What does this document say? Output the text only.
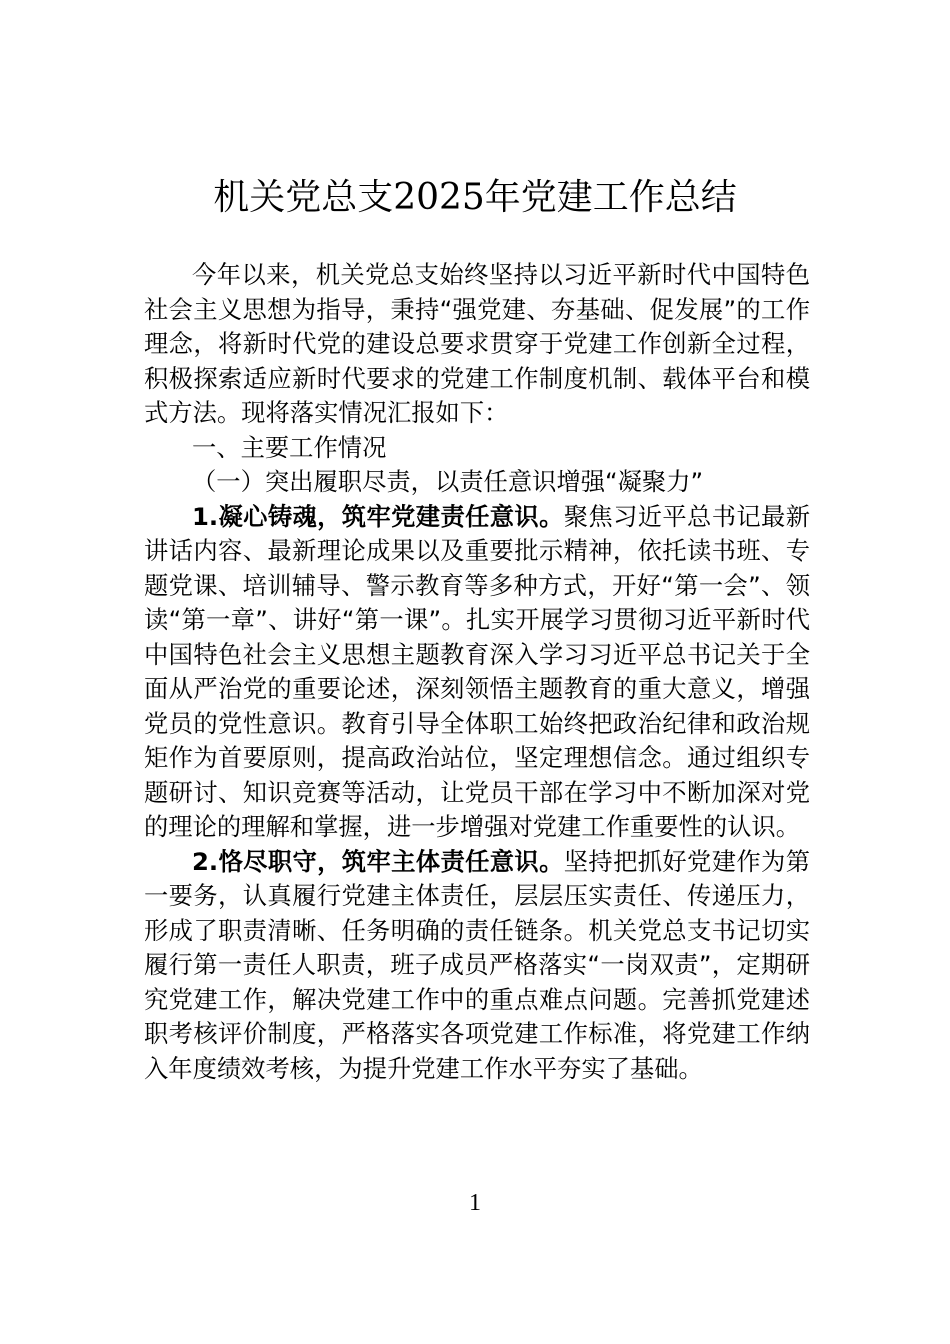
机关党总支2025年党建工作总结

今年以来，机关党总支始终坚持以习近平新时代中国特色社会主义思想为指导，秉持“强党建、夯基础、促发展”的工作理念，将新时代党的建设总要求贯穿于党建工作创新全过程，积极探索适应新时代要求的党建工作制度机制、载体平台和模式方法。现将落实情况汇报如下：

一、主要工作情况

（一）突出履职尽责，以责任意识增强“凝聚力”

1.凝心铸魂，筑牢党建责任意识。聚焦习近平总书记最新讲话内容、最新理论成果以及重要批示精神，依托读书班、专题党课、培训辅导、警示教育等多种方式，开好“第一会”、领读“第一章”、讲好“第一课”。扎实开展学习贯彻习近平新时代中国特色社会主义思想主题教育深入学习习近平总书记关于全面从严治党的重要论述，深刻领悟主题教育的重大意义，增强党员的党性意识。教育引导全体职工始终把政治纪律和政治规矩作为首要原则，提高政治站位，坚定理想信念。通过组织专题研讨、知识竞赛等活动，让党员干部在学习中不断加深对党的理论的理解和掌握，进一步增强对党建工作重要性的认识。

2.恪尽职守，筑牢主体责任意识。坚持把抓好党建作为第一要务，认真履行党建主体责任，层层压实责任、传递压力，形成了职责清晰、任务明确的责任链条。机关党总支书记切实履行第一责任人职责，班子成员严格落实“一岗双责”，定期研究党建工作，解决党建工作中的重点难点问题。完善抓党建述职考核评价制度，严格落实各项党建工作标准，将党建工作纳入年度绩效考核，为提升党建工作水平夯实了基础。

1
